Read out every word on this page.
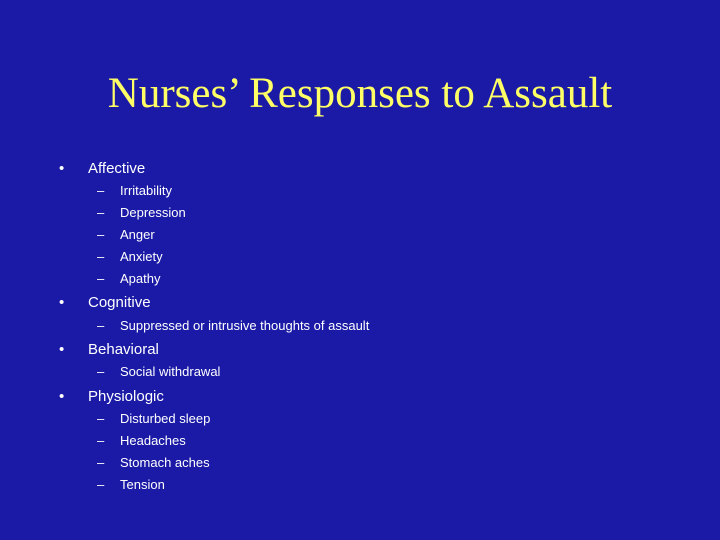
Nurses’ Responses to Assault
• Affective
– Irritability
– Depression
– Anger
– Anxiety
– Apathy
• Cognitive
– Suppressed or intrusive thoughts of assault
• Behavioral
– Social withdrawal
• Physiologic
– Disturbed sleep
– Headaches
– Stomach aches
– Tension
